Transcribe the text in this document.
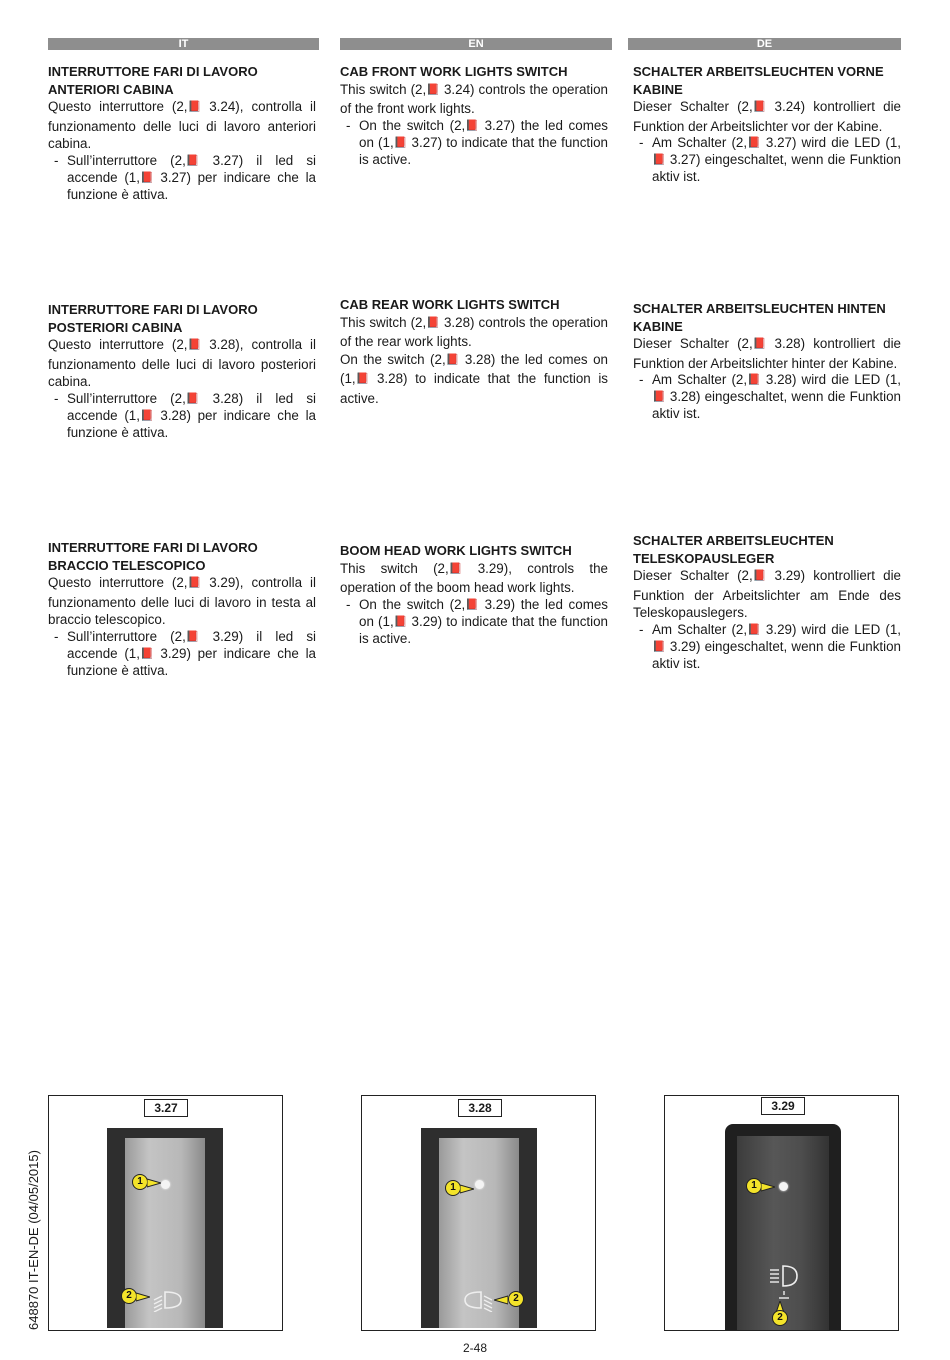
IT	EN	DE
INTERRUTTORE FARI DI LAVORO ANTERIORI CABINA

Questo interruttore (2,📕 3.24), controlla il funzionamento delle luci di lavoro anteriori cabina.

- Sull’interruttore (2,📕 3.27) il led si accende (1,📕 3.27) per indicare che la funzione è attiva.
CAB FRONT WORK LIGHTS SWITCH

This switch (2,📕 3.24) controls the operation of the front work lights.

- On the switch (2,📕 3.27) the led comes on (1,📕 3.27) to indicate that the function is active.
SCHALTER ARBEITSLEUCHTEN VORNE KABINE

Dieser Schalter (2,📕 3.24) kontrolliert die Funktion der Arbeitslichter vor der Kabine.

- Am Schalter (2,📕 3.27) wird die LED (1,📕 3.27) eingeschaltet, wenn die Funktion aktiv ist.
INTERRUTTORE FARI DI LAVORO POSTERIORI CABINA

Questo interruttore (2,📕 3.28), controlla il funzionamento delle luci di lavoro posteriori cabina.

- Sull’interruttore (2,📕 3.28) il led si accende (1,📕 3.28) per indicare che la funzione è attiva.
CAB REAR WORK LIGHTS SWITCH

This switch (2,📕 3.28) controls the operation of the rear work lights.

On the switch (2,📕 3.28) the led comes on (1,📕 3.28) to indicate that the function is active.

SCHALTER ARBEITSLEUCHTEN HINTEN KABINE

Dieser Schalter (2,📕 3.28) kontrolliert die Funktion der Arbeitslichter hinter der Kabine.

- Am Schalter (2,📕 3.28) wird die LED (1,📕 3.28) eingeschaltet, wenn die Funktion aktiv ist.
INTERRUTTORE FARI DI LAVORO BRACCIO TELESCOPICO

Questo interruttore (2,📕 3.29), controlla il funzionamento delle luci di lavoro in testa al braccio telescopico.

- Sull’interruttore (2,📕 3.29) il led si accende (1,📕 3.29) per indicare che la funzione è attiva.
BOOM HEAD WORK LIGHTS SWITCH

This switch (2,📕 3.29), controls the operation of the boom head work lights.

- On the switch (2,📕 3.29) the led comes on (1,📕 3.29) to indicate that the function is active.
SCHALTER ARBEITSLEUCHTEN TELESKOPAUSLEGER

Dieser Schalter (2,📕 3.29) kontrolliert die Funktion der Arbeitslichter am Ende des Teleskopauslegers.

- Am Schalter (2,📕 3.29) wird die LED (1,📕 3.29) eingeschaltet, wenn die Funktion aktiv ist.
3.27
1
2
3.28
1
2
3.29
1
2
648870 IT-EN-DE (04/05/2015)
2-48
